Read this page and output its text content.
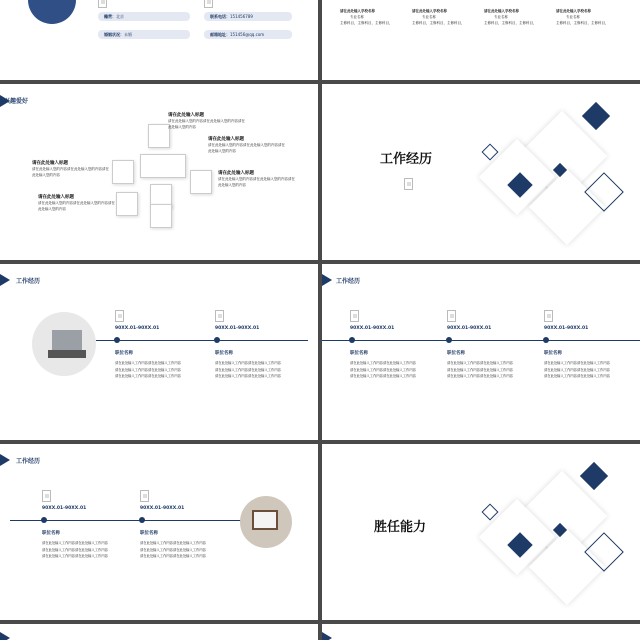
籍贯：北京
婚姻状况：未婚
联系电话：151456789
邮箱地址：151456@qq.com
请在此处输入学校名称
专业名称
主修科目，主修科目，主修科目，
请在此处输入学校名称
专业名称
主修科目，主修科目，主修科目，
请在此处输入学校名称
专业名称
主修科目，主修科目，主修科目，
请在此处输入学校名称
专业名称
主修科目，主修科目，主修科目，
兴趣爱好
请在此处输入标题
请在此处输入您的内容请在此处输入您的内容请在此处输入您的内容
请在此处输入标题
请在此处输入您的内容请在此处输入您的内容请在此处输入您的内容
请在此处输入标题
请在此处输入您的内容请在此处输入您的内容请在此处输入您的内容	请在此处输入标题
请在此处输入您的内容请在此处输入您的内容请在此处输入您的内容
请在此处输入标题
请在此处输入您的内容请在此处输入您的内容请在此处输入您的内容
工作经历
工作经历
90XX.01-90XX.01
职位名称
请在此处输入工作内容请在此处输入工作内容
请在此处输入工作内容请在此处输入工作内容
请在此处输入工作内容请在此处输入工作内容
90XX.01-90XX.01
职位名称
请在此处输入工作内容请在此处输入工作内容
请在此处输入工作内容请在此处输入工作内容
请在此处输入工作内容请在此处输入工作内容
工作经历
90XX.01-90XX.01
职位名称
请在此处输入工作内容请在此处输入工作内容
请在此处输入工作内容请在此处输入工作内容
请在此处输入工作内容请在此处输入工作内容
90XX.01-90XX.01
职位名称
请在此处输入工作内容请在此处输入工作内容
请在此处输入工作内容请在此处输入工作内容
请在此处输入工作内容请在此处输入工作内容
90XX.01-90XX.01
职位名称
请在此处输入工作内容请在此处输入工作内容
请在此处输入工作内容请在此处输入工作内容
请在此处输入工作内容请在此处输入工作内容
工作经历
90XX.01-90XX.01
职位名称
请在此处输入工作内容请在此处输入工作内容
请在此处输入工作内容请在此处输入工作内容
请在此处输入工作内容请在此处输入工作内容
90XX.01-90XX.01
职位名称
请在此处输入工作内容请在此处输入工作内容
请在此处输入工作内容请在此处输入工作内容
请在此处输入工作内容请在此处输入工作内容
胜任能力
